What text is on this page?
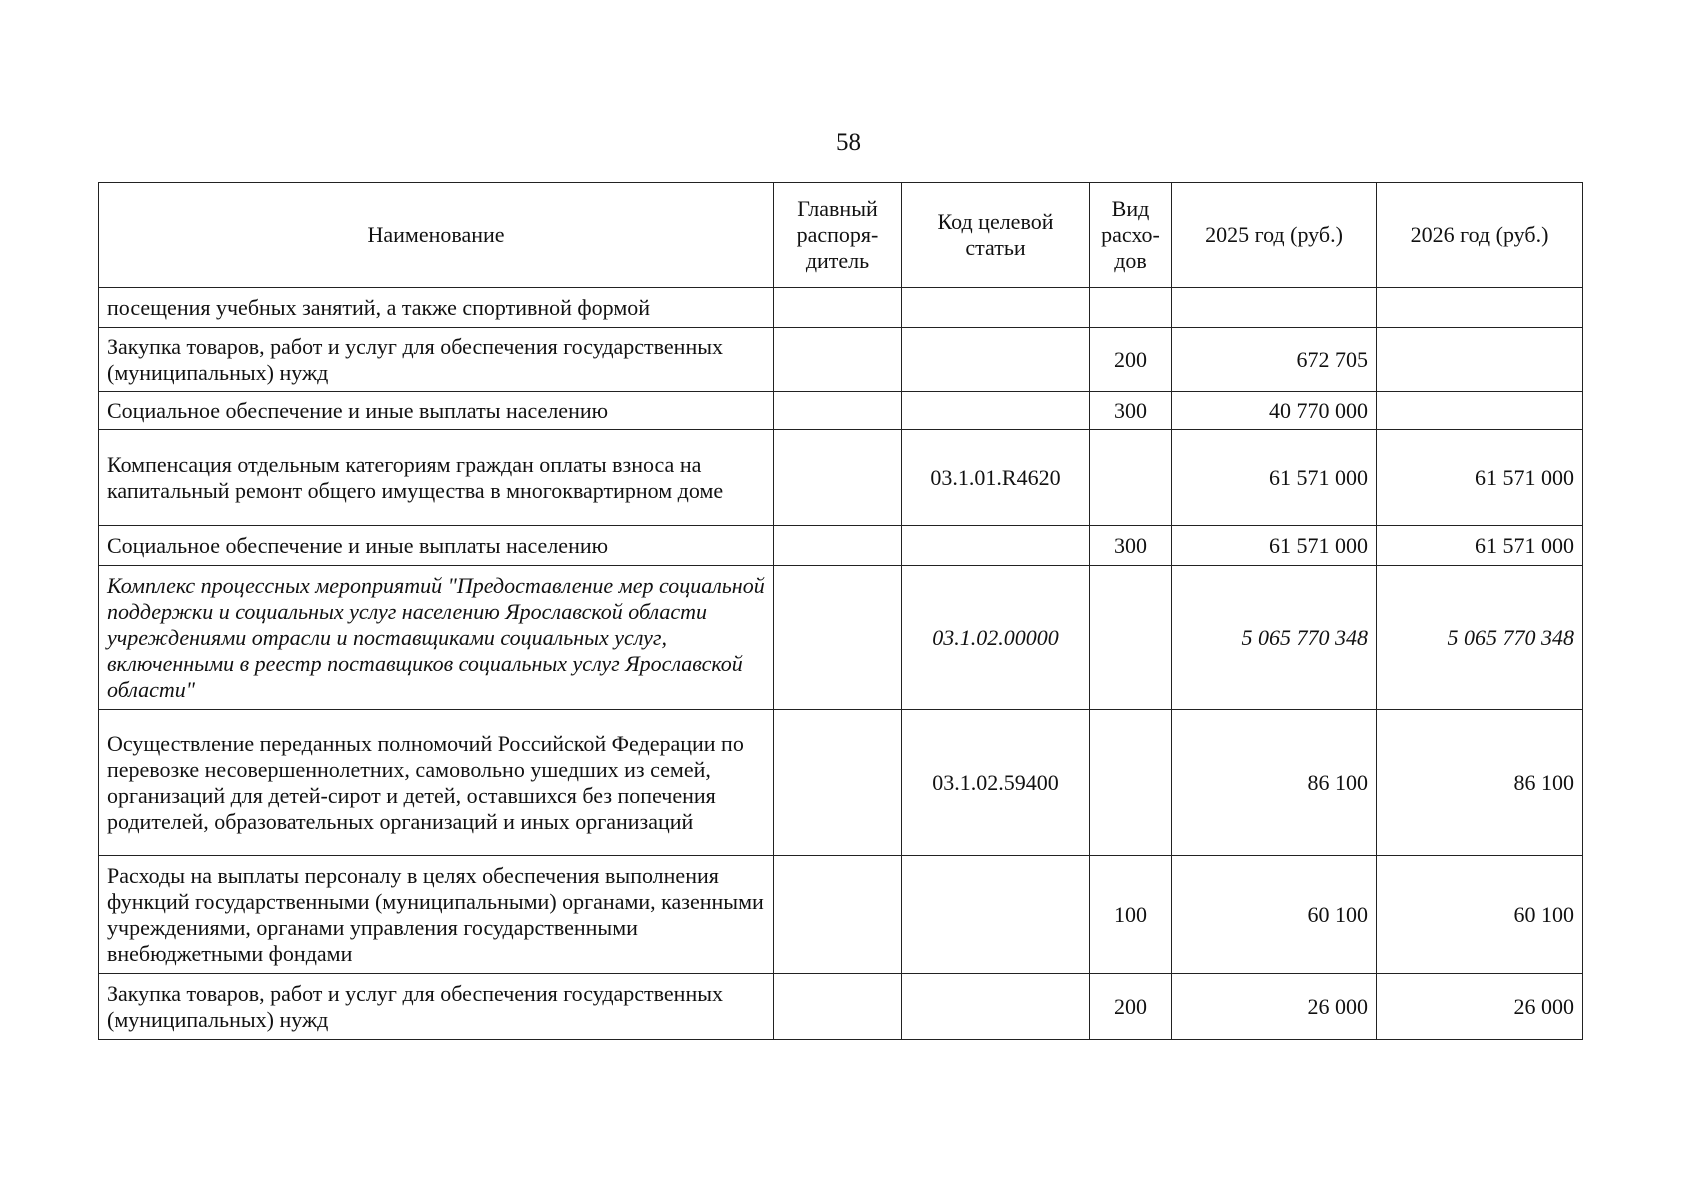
58
Наименование	Главный распоря-дитель	Код целевой статьи	Вид расхо-дов	2025 год (руб.)	2026 год (руб.)
посещения учебных занятий, а также спортивной формой					
Закупка товаров, работ и услуг для обеспечения государственных (муниципальных) нужд			200	672 705	
Социальное обеспечение и иные выплаты населению			300	40 770 000	
Компенсация отдельным категориям граждан оплаты взноса на капитальный ремонт общего имущества в многоквартирном доме		03.1.01.R4620		61 571 000	61 571 000
Социальное обеспечение и иные выплаты населению			300	61 571 000	61 571 000
Комплекс процессных мероприятий "Предоставление мер социальной поддержки и социальных услуг населению Ярославской области учреждениями отрасли и поставщиками социальных услуг, включенными в реестр поставщиков социальных услуг Ярославской области"		03.1.02.00000		5 065 770 348	5 065 770 348
Осуществление переданных полномочий Российской Федерации по перевозке несовершеннолетних, самовольно ушедших из семей, организаций для детей-сирот и детей, оставшихся без попечения родителей, образовательных организаций и иных организаций		03.1.02.59400		86 100	86 100
Расходы на выплаты персоналу в целях обеспечения выполнения функций государственными (муниципальными) органами, казенными учреждениями, органами управления государственными внебюджетными фондами			100	60 100	60 100
Закупка товаров, работ и услуг для обеспечения государственных (муниципальных) нужд			200	26 000	26 000
